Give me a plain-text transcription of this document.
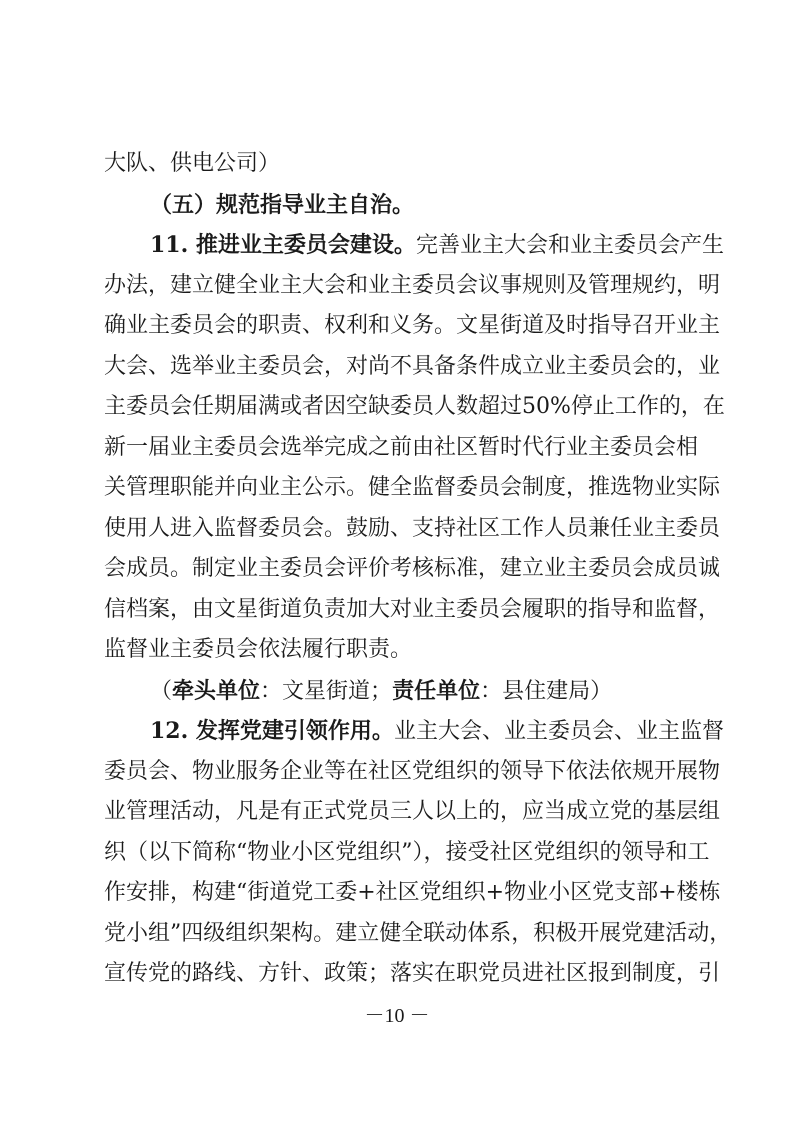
大队、供电公司）
（五）规范指导业主自治。
11. 推进业主委员会建设。完善业主大会和业主委员会产生
办法，建立健全业主大会和业主委员会议事规则及管理规约，明
确业主委员会的职责、权利和义务。文星街道及时指导召开业主
大会、选举业主委员会，对尚不具备条件成立业主委员会的，业
主委员会任期届满或者因空缺委员人数超过50%停止工作的，在
新一届业主委员会选举完成之前由社区暂时代行业主委员会相
关管理职能并向业主公示。健全监督委员会制度，推选物业实际
使用人进入监督委员会。鼓励、支持社区工作人员兼任业主委员
会成员。制定业主委员会评价考核标准，建立业主委员会成员诚
信档案，由文星街道负责加大对业主委员会履职的指导和监督，
监督业主委员会依法履行职责。
（牵头单位：文星街道；责任单位：县住建局）
12. 发挥党建引领作用。业主大会、业主委员会、业主监督
委员会、物业服务企业等在社区党组织的领导下依法依规开展物
业管理活动，凡是有正式党员三人以上的，应当成立党的基层组
织（以下简称“物业小区党组织”），接受社区党组织的领导和工
作安排，构建“街道党工委+社区党组织+物业小区党支部+楼栋
党小组”四级组织架构。建立健全联动体系，积极开展党建活动，
宣传党的路线、方针、政策；落实在职党员进社区报到制度，引
－10 －
